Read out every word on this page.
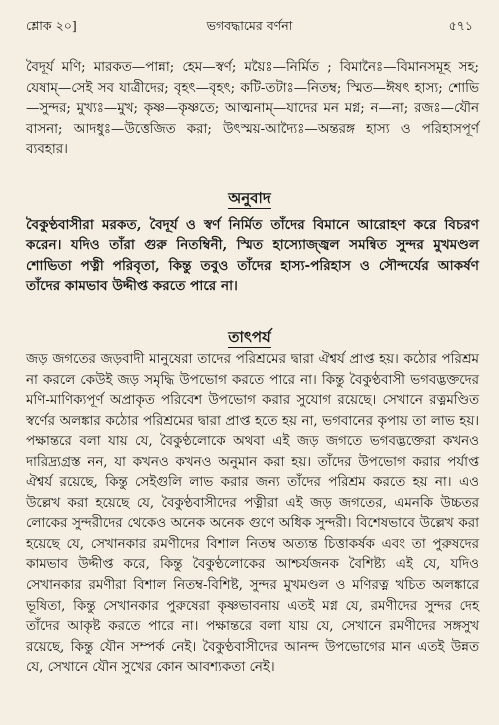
শ্লোক ২০]	ভগবদ্ধামের বর্ণনা	৫৭১
বৈদূর্য মণি; মারকত—পান্না; হেম—স্বর্ণ; ময়ৈঃ—নির্মিত ; বিমানৈঃ—বিমানসমূহ সহ; যেষাম্—সেই সব যাত্রীদের; বৃহৎ—বৃহৎ; কটি-তটাঃ—নিতম্ব; স্মিত—ঈষৎ হাস্য; শোভি—সুন্দর; মুখ্যঃ—মুখ; কৃষ্ণ—কৃষ্ণতে; আত্মনাম্—যাদের মন মগ্ন; ন—না; রজঃ—যৌন বাসনা; আদধুঃ—উত্তেজিত করা; উৎস্ময়-আদ্যৈঃ—অন্তরঙ্গ হাস্য ও পরিহাসপূর্ণ ব্যবহার।
অনুবাদ
বৈকুণ্ঠবাসীরা মরকত, বৈদূর্য ও স্বর্ণ নির্মিত তাঁদের বিমানে আরোহণ করে বিচরণ করেন। যদিও তাঁরা গুরু নিতম্বিনী, স্মিত হাস্যোজ্জ্বল সমন্বিত সুন্দর মুখমণ্ডল শোভিতা পত্নী পরিবৃতা, কিন্তু তবুও তাঁদের হাস্য-পরিহাস ও সৌন্দর্যের আকর্ষণ তাঁদের কামভাব উদ্দীপ্ত করতে পারে না।
তাৎপর্য
জড় জগতের জড়বাদী মানুষেরা তাদের পরিশ্রমের দ্বারা ঐশ্বর্য প্রাপ্ত হয়। কঠোর পরিশ্রম না করলে কেউই জড় সমৃদ্ধি উপভোগ করতে পারে না। কিন্তু বৈকুণ্ঠবাসী ভগবদ্ভক্তদের মণি-মাণিক্যপূর্ণ অপ্রাকৃত পরিবেশ উপভোগ করার সুযোগ রয়েছে। সেখানে রত্নমণ্ডিত স্বর্ণের অলঙ্কার কঠোর পরিশ্রমের দ্বারা প্রাপ্ত হতে হয় না, ভগবানের কৃপায় তা লাভ হয়। পক্ষান্তরে বলা যায় যে, বৈকুণ্ঠলোকে অথবা এই জড় জগতে ভগবদ্ভক্তেরা কখনও দারিদ্র্যগ্রস্ত নন, যা কখনও কখনও অনুমান করা হয়। তাঁদের উপভোগ করার পর্যাপ্ত ঐশ্বর্য রয়েছে, কিন্তু সেইগুলি লাভ করার জন্য তাঁদের পরিশ্রম করতে হয় না। এও উল্লেখ করা হয়েছে যে, বৈকুণ্ঠবাসীদের পত্নীরা এই জড় জগতের, এমনকি উচ্চতর লোকের সুন্দরীদের থেকেও অনেক অনেক গুণে অধিক সুন্দরী। বিশেষভাবে উল্লেখ করা হয়েছে যে, সেখানকার রমণীদের বিশাল নিতম্ব অত্যন্ত চিত্তাকর্ষক এবং তা পুরুষদের কামভাব উদ্দীপ্ত করে, কিন্তু বৈকুণ্ঠলোকের আশ্চর্যজনক বৈশিষ্ট্য এই যে, যদিও সেখানকার রমণীরা বিশাল নিতম্ব-বিশিষ্ট, সুন্দর মুখমণ্ডল ও মণিরত্ন খচিত অলঙ্কারে ভূষিতা, কিন্তু সেখানকার পুরুষেরা কৃষ্ণভাবনায় এতই মগ্ন যে, রমণীদের সুন্দর দেহ তাঁদের আকৃষ্ট করতে পারে না। পক্ষান্তরে বলা যায় যে, সেখানে রমণীদের সঙ্গসুখ রয়েছে, কিন্তু যৌন সম্পর্ক নেই। বৈকুণ্ঠবাসীদের আনন্দ উপভোগের মান এতই উন্নত যে, সেখানে যৌন সুখের কোন আবশ্যকতা নেই।
